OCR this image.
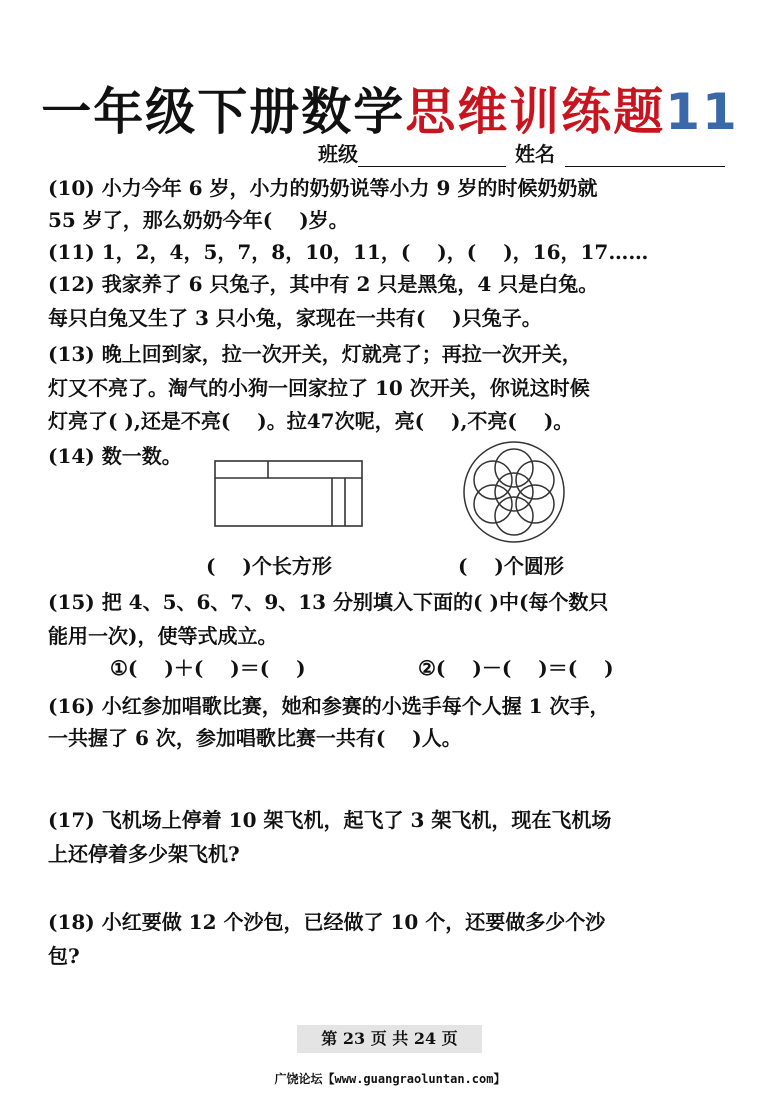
一年级下册数学思维训练题11
班级	姓名
(10) 小力今年 6 岁，小力的奶奶说等小力 9 岁的时候奶奶就
55 岁了，那么奶奶今年(　 )岁。
(11) 1，2，4，5，7，8，10，11，(　 )，(　 )，16，17……
(12) 我家养了 6 只兔子，其中有 2 只是黑兔，4 只是白兔。
每只白兔又生了 3 只小兔，家现在一共有(　 )只兔子。
(13) 晚上回到家，拉一次开关，灯就亮了；再拉一次开关，
灯又不亮了。淘气的小狗一回家拉了 10 次开关，你说这时候
灯亮了( ),还是不亮(　 )。拉47次呢，亮(　 ),不亮(　 )。
(14) 数一数。
(　 )个长方形	(　 )个圆形
(15) 把 4、5、6、7、9、13 分别填入下面的( )中(每个数只
能用一次)，使等式成立。
①(　 )＋(　 )＝(　 )	②(　 )－(　 )＝(　 )
(16) 小红参加唱歌比赛，她和参赛的小选手每个人握 1 次手，
一共握了 6 次，参加唱歌比赛一共有(　 )人。
(17) 飞机场上停着 10 架飞机，起飞了 3 架飞机，现在飞机场
上还停着多少架飞机?
(18) 小红要做 12 个沙包，已经做了 10 个，还要做多少个沙
包?
第 23 页 共 24 页
广饶论坛【www.guangraoluntan.com】
